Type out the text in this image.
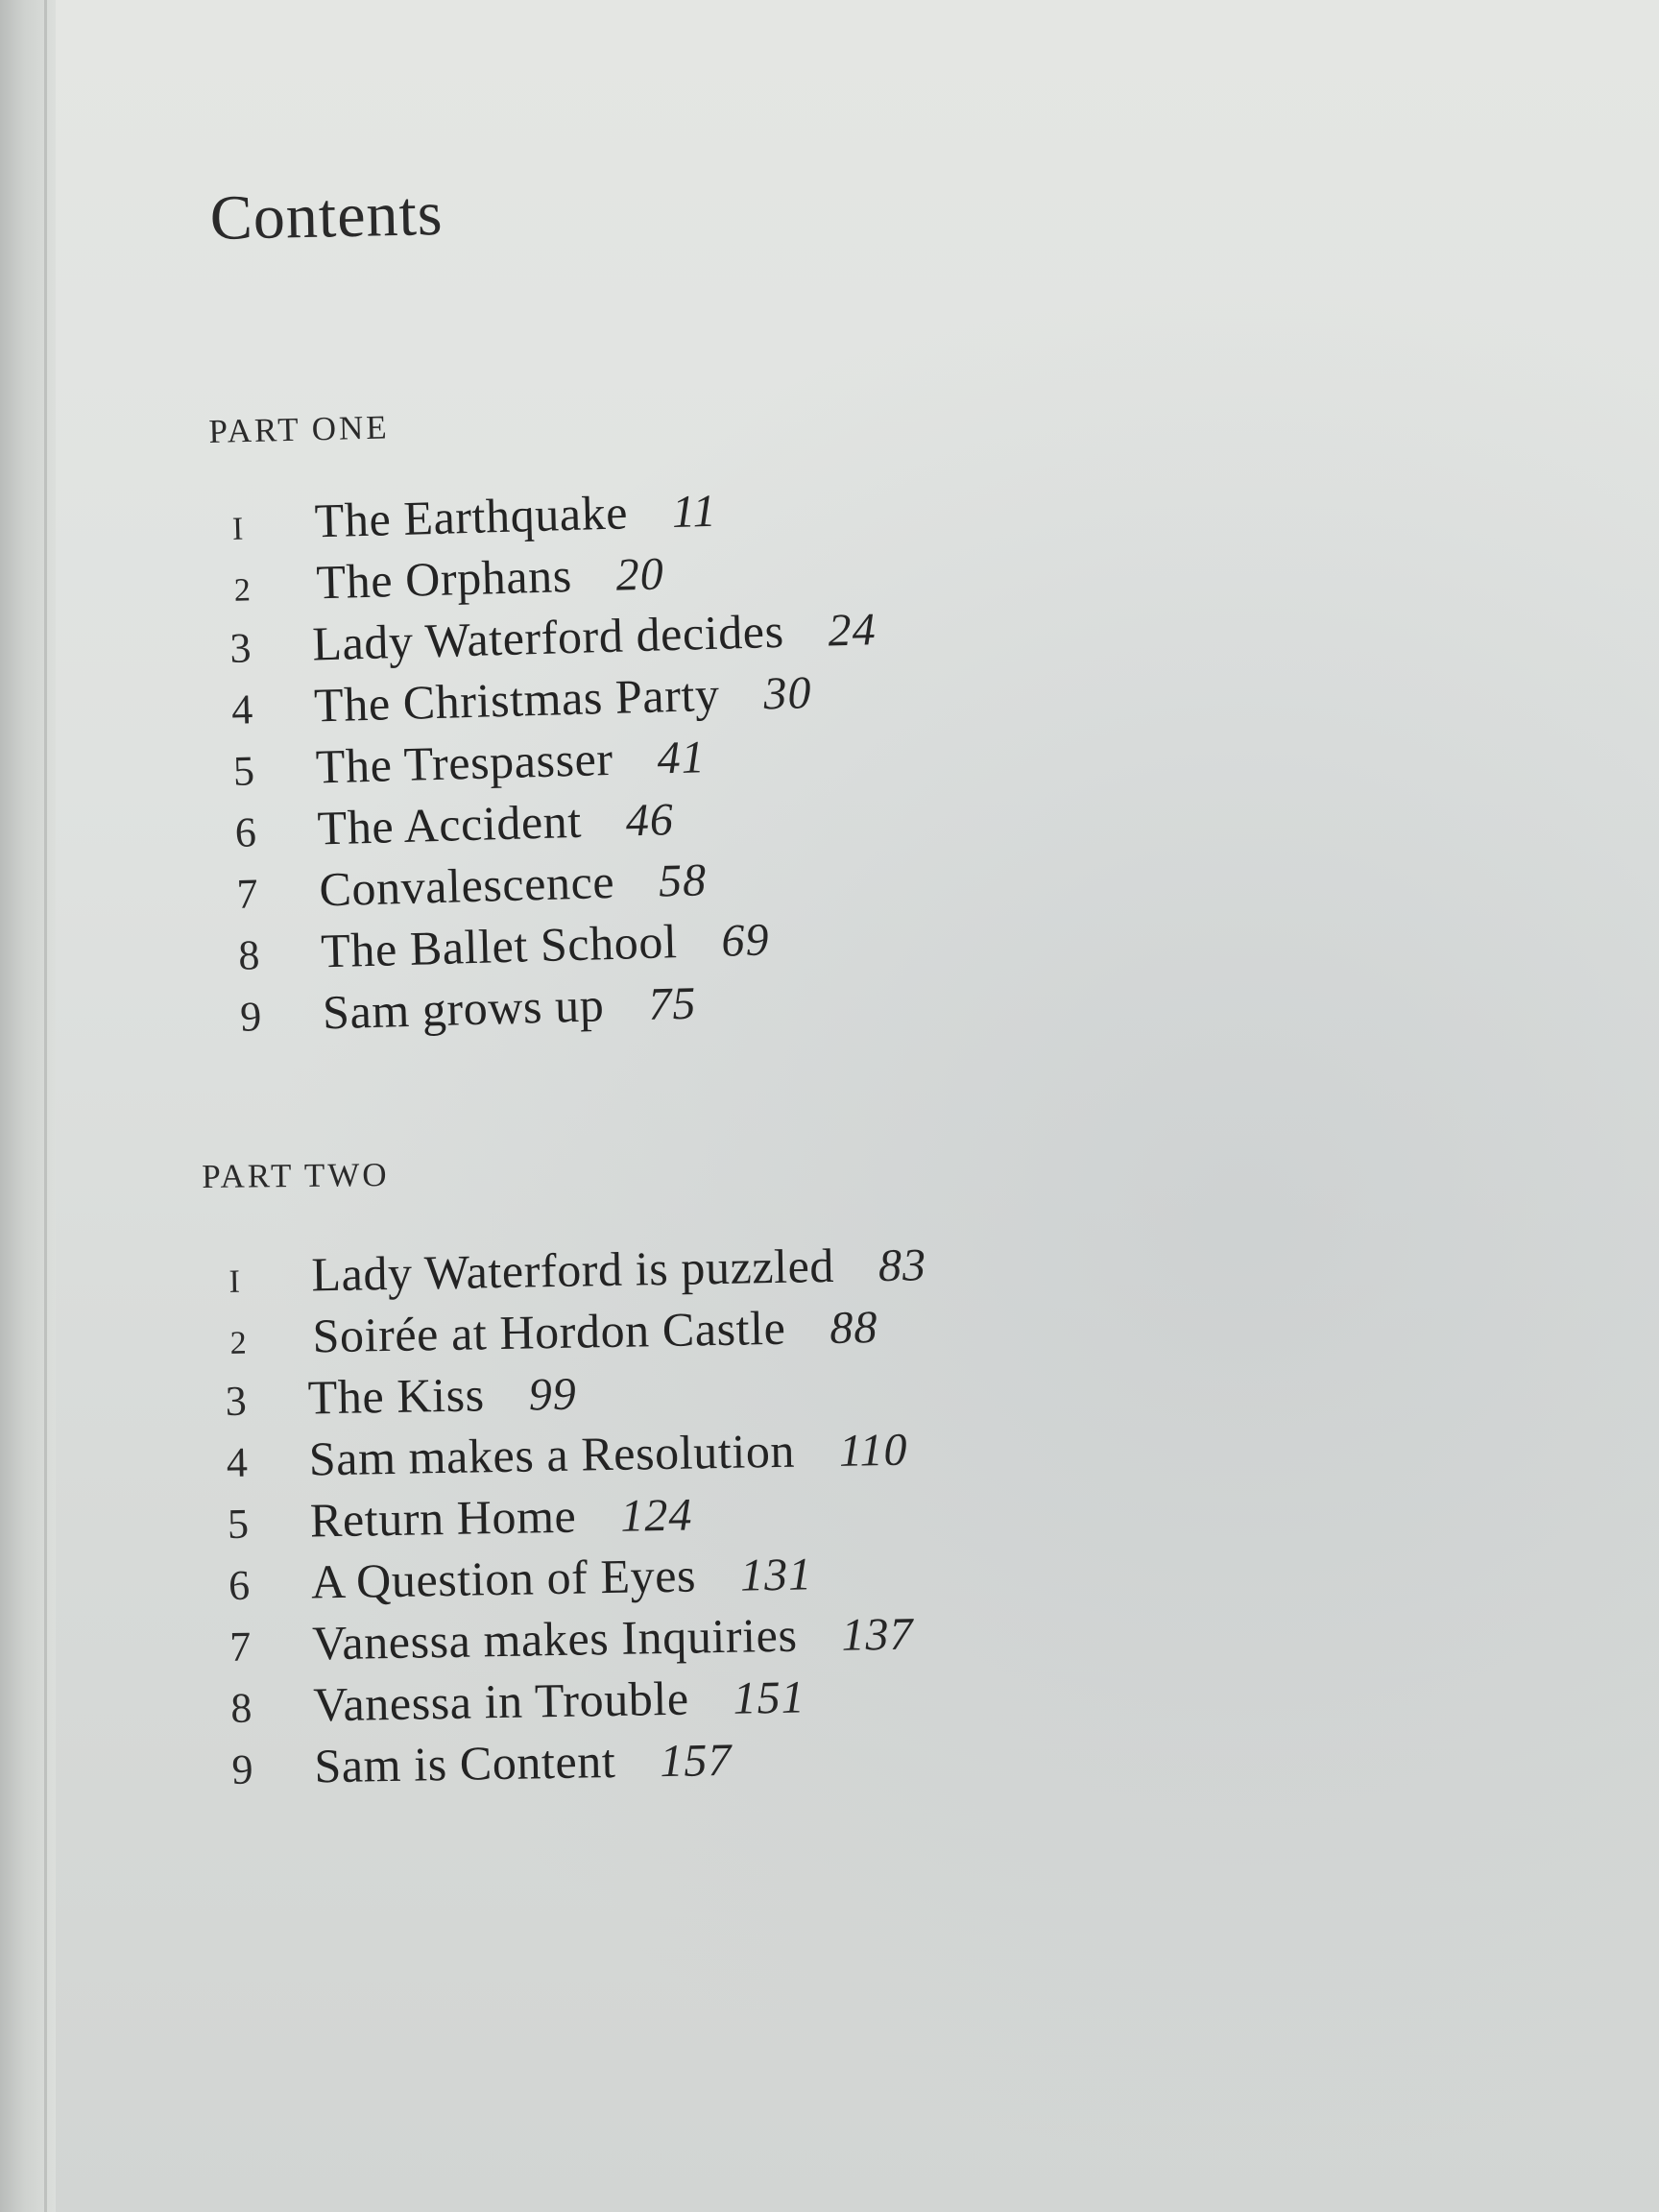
Contents
PART ONE
I	The Earthquake 11
2	The Orphans 20
3	Lady Waterford decides 24
4	The Christmas Party 30
5	The Trespasser 41
6	The Accident 46
7	Convalescence 58
8	The Ballet School 69
9	Sam grows up 75
PART TWO
I	Lady Waterford is puzzled 83
2	Soirée at Hordon Castle 88
3	The Kiss 99
4	Sam makes a Resolution 110
5	Return Home 124
6	A Question of Eyes 131
7	Vanessa makes Inquiries 137
8	Vanessa in Trouble 151
9	Sam is Content 157
